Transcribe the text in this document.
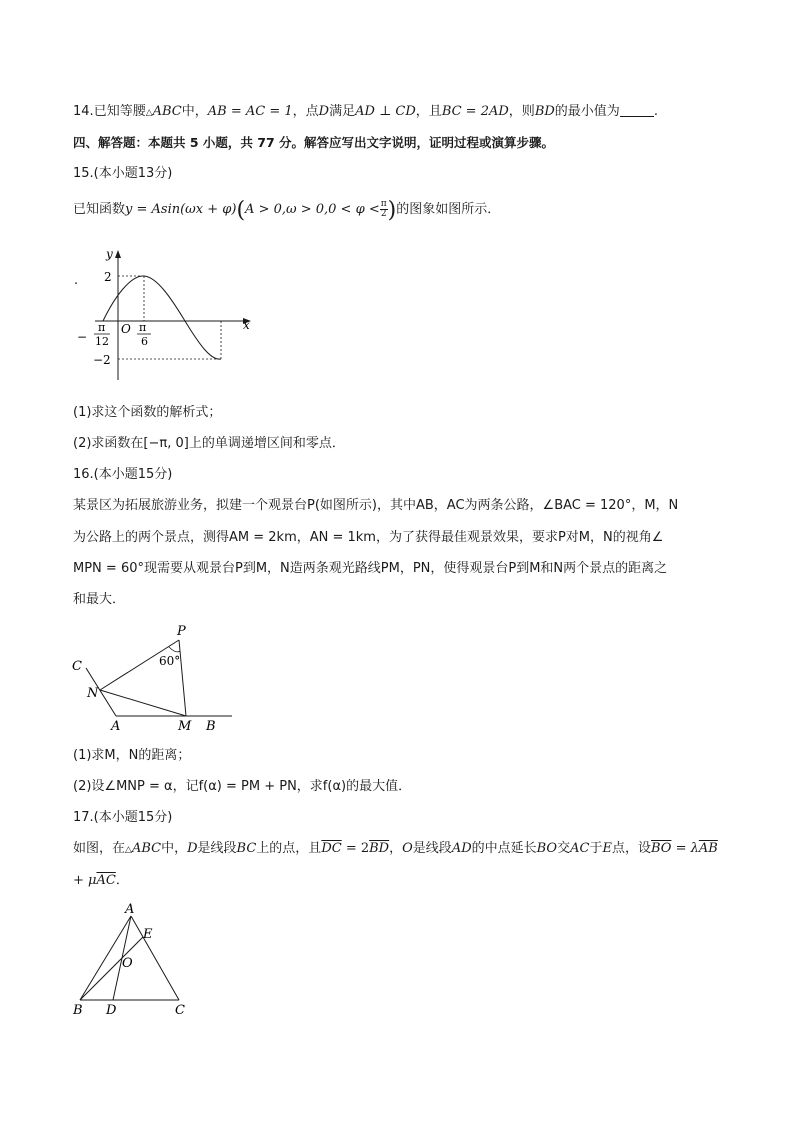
14.已知等腰△ABC中，AB = AC = 1，点D满足AD ⊥ CD，且BC = 2AD，则BD的最小值为	.
四、解答题：本题共 5 小题，共 77 分。解答应写出文字说明，证明过程或演算步骤。
15.(本小题13分)
已知函数$y = Asin(\omega x + \varphi)(A > 0,\omega > 0,0 < \varphi < \frac{\pi}{2}$ )的图象如图所示．
.
y
x
2
−2
O
−
π
12
π
6
(1)求这个函数的解析式；
(2)求函数在[−π, 0]上的单调递增区间和零点．
16.(本小题15分)
某景区为拓展旅游业务，拟建一个观景台P(如图所示)，其中AB，AC为两条公路，∠BAC = 120°，M，N
为公路上的两个景点，测得AM = 2km，AN = 1km，为了获得最佳观景效果，要求P对M，N的视角∠
MPN = 60°现需要从观景台P到M，N造两条观光路线PM，PN，使得观景台P到M和N两个景点的距离之
和最大．
P
C
N
A	M B
60°
(1)求M，N的距离；
(2)设∠MNP = α，记f(α) = PM + PN，求f(α)的最大值．
17.(本小题15分)
如图，在△ABC中，D是线段BC上的点，且$\overline{DC} = 2\overline{BD}$，O是线段AD的中点延长BO交AC于E点，设$\overline{BO} = \lambda\overline{AB}$
+ $\mu\overline{AC}$．
A
E
O
B D	C
